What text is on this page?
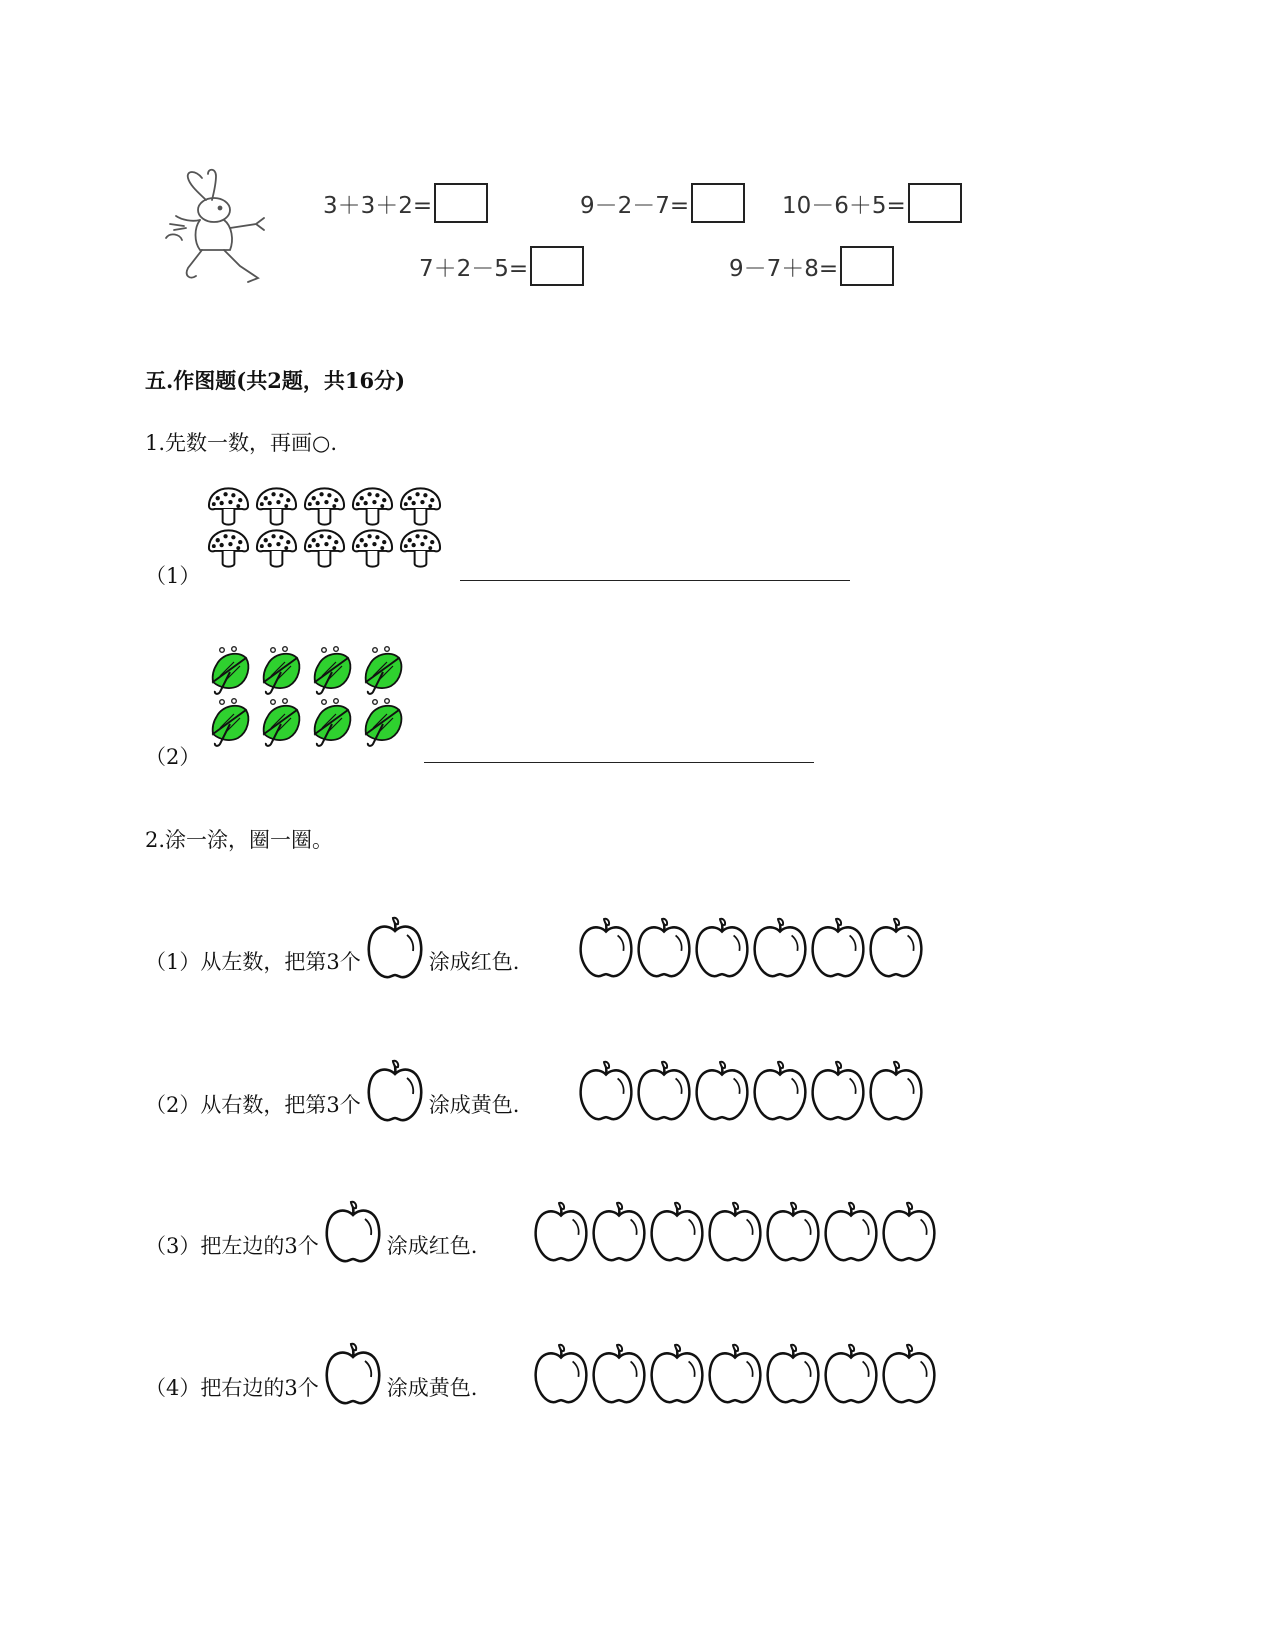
3＋3＋2=	9－2－7=	10－6＋5=
7＋2－5=	9－7＋8=
五.作图题(共2题，共16分)
1.先数一数，再画○.
（1）

（2）

2.涂一涂，圈一圈。
（1）从左数，把第3个	涂成红色.
（2）从右数，把第3个	涂成黄色.
（3）把左边的3个	涂成红色.
（4）把右边的3个	涂成黄色.
